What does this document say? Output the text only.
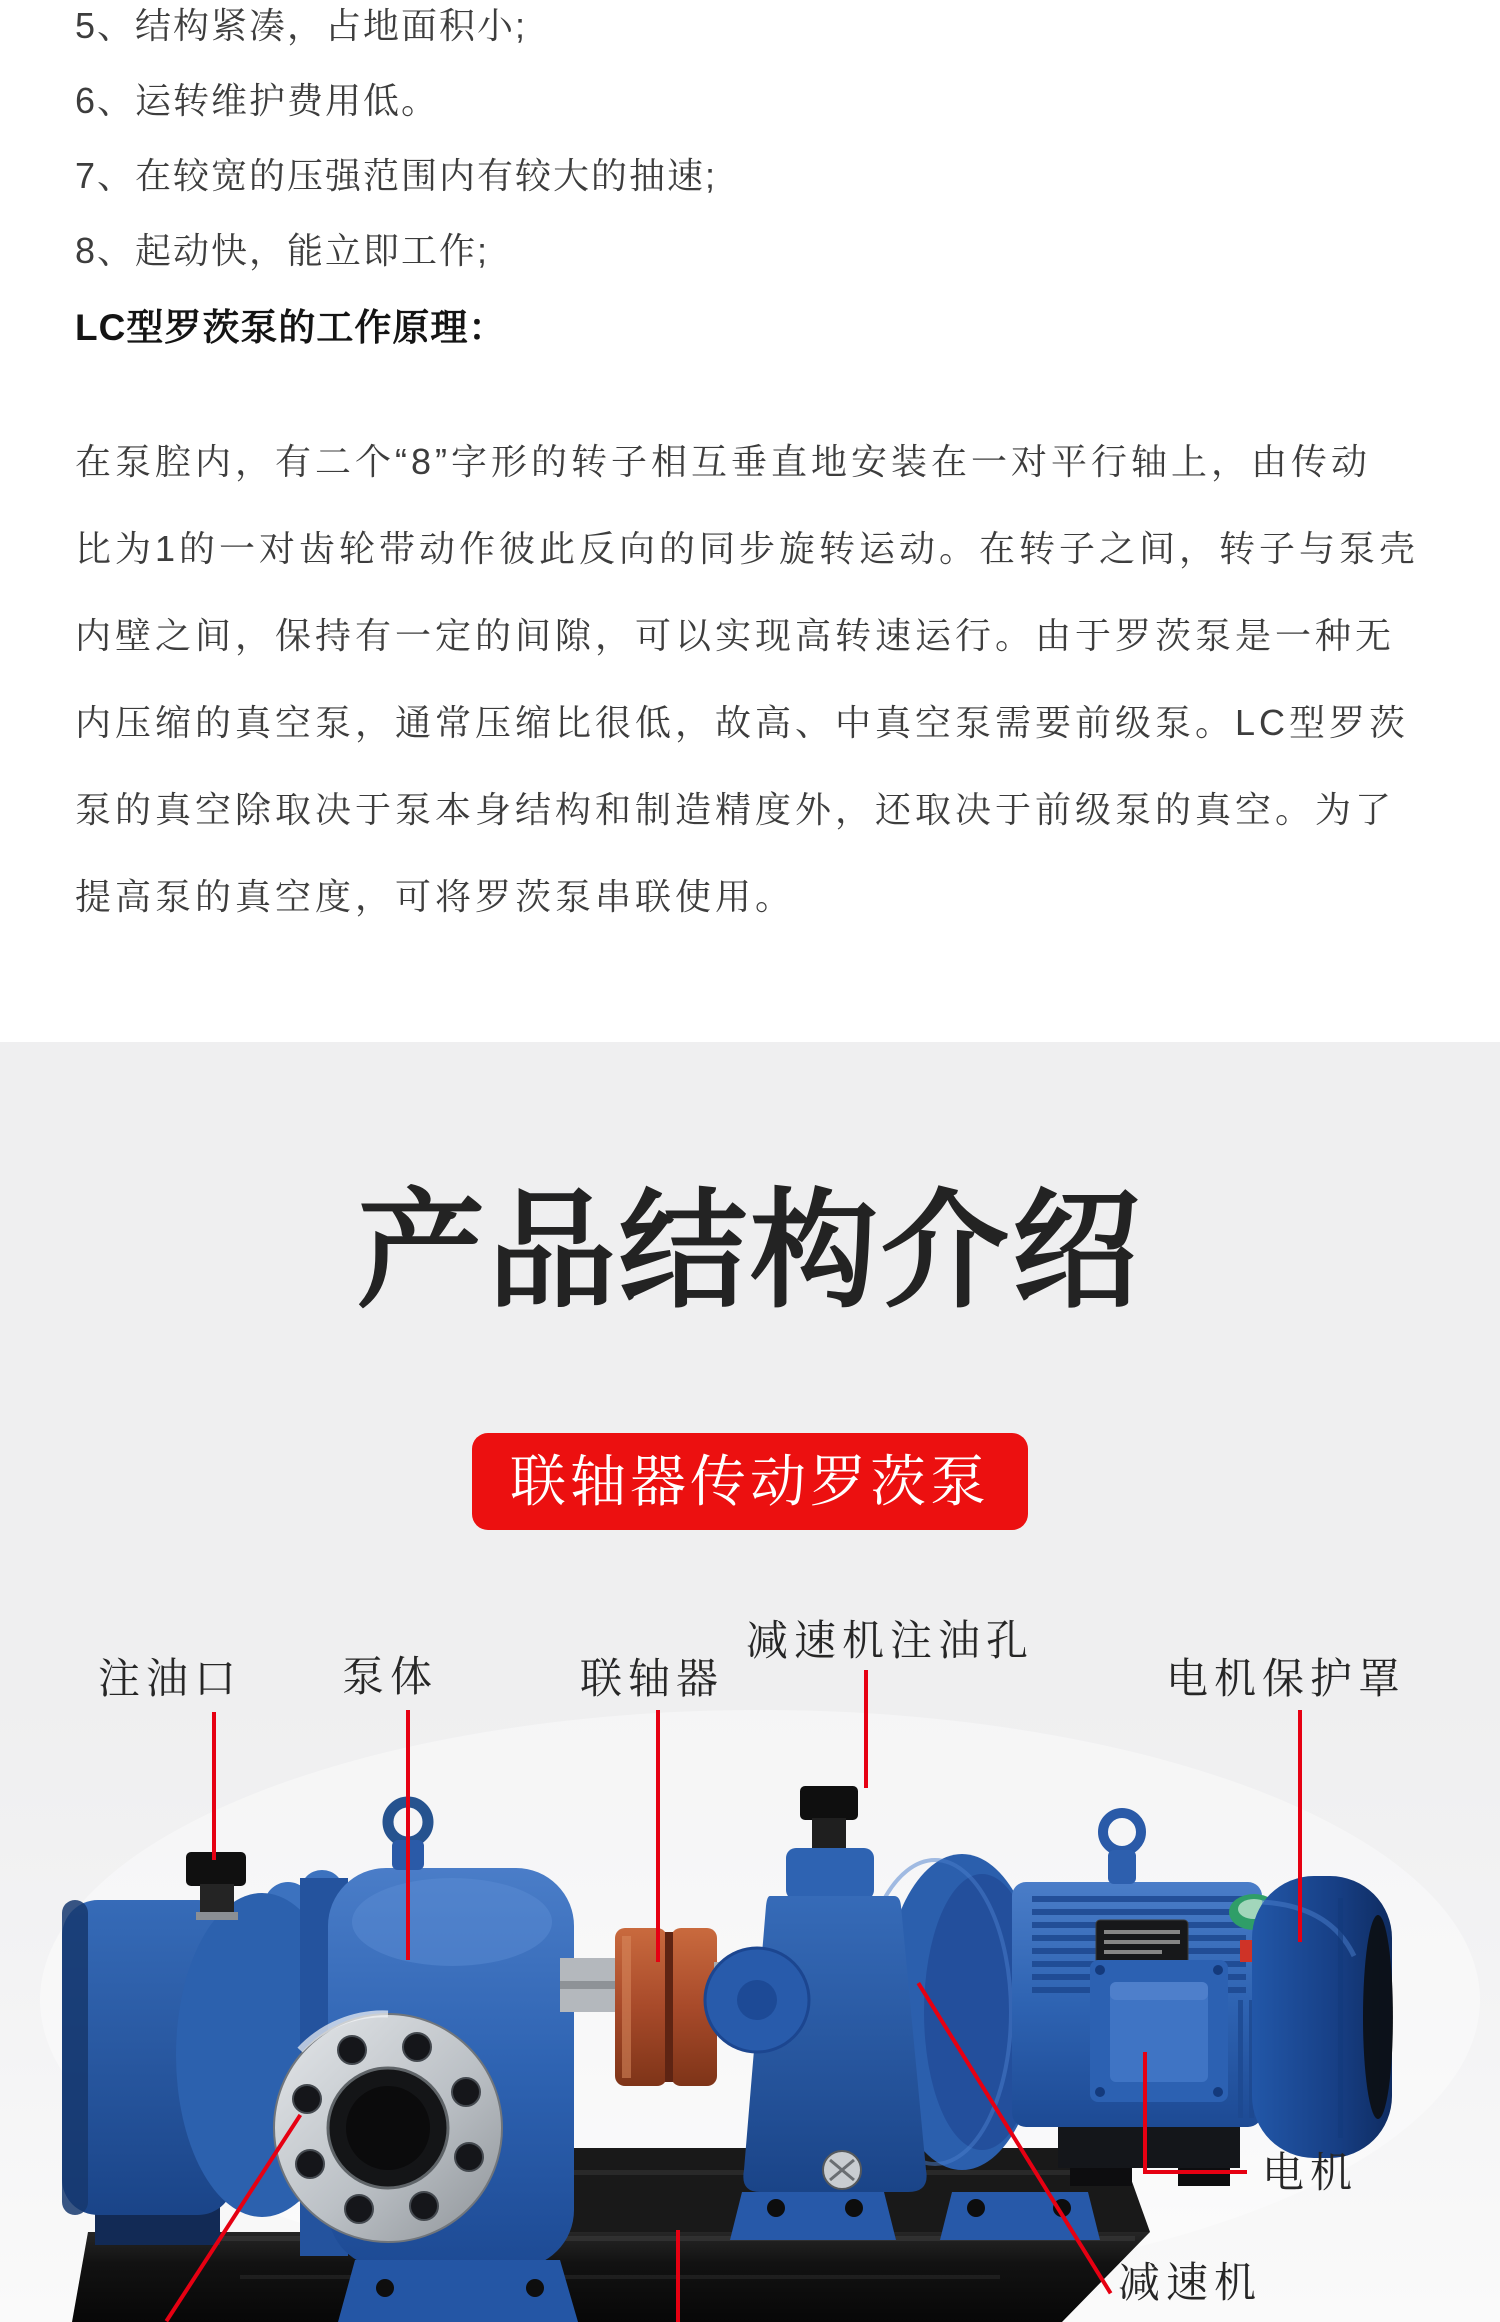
5、结构紧凑，占地面积小;

6、运转维护费用低。

7、在较宽的压强范围内有较大的抽速;

8、起动快，能立即工作;

LC型罗茨泵的工作原理：

在泵腔内，有二个“8”字形的转子相互垂直地安装在一对平行轴上，由传动

比为1的一对齿轮带动作彼此反向的同步旋转运动。在转子之间，转子与泵壳

内壁之间，保持有一定的间隙，可以实现高转速运行。由于罗茨泵是一种无

内压缩的真空泵，通常压缩比很低，故高、中真空泵需要前级泵。LC型罗茨

泵的真空除取决于泵本身结构和制造精度外，还取决于前级泵的真空。为了

提高泵的真空度，可将罗茨泵串联使用。

产品结构介绍
联轴器传动罗茨泵
注油口 泵体	联轴器
减速机注油孔
电机保护罩
电机
减速机
